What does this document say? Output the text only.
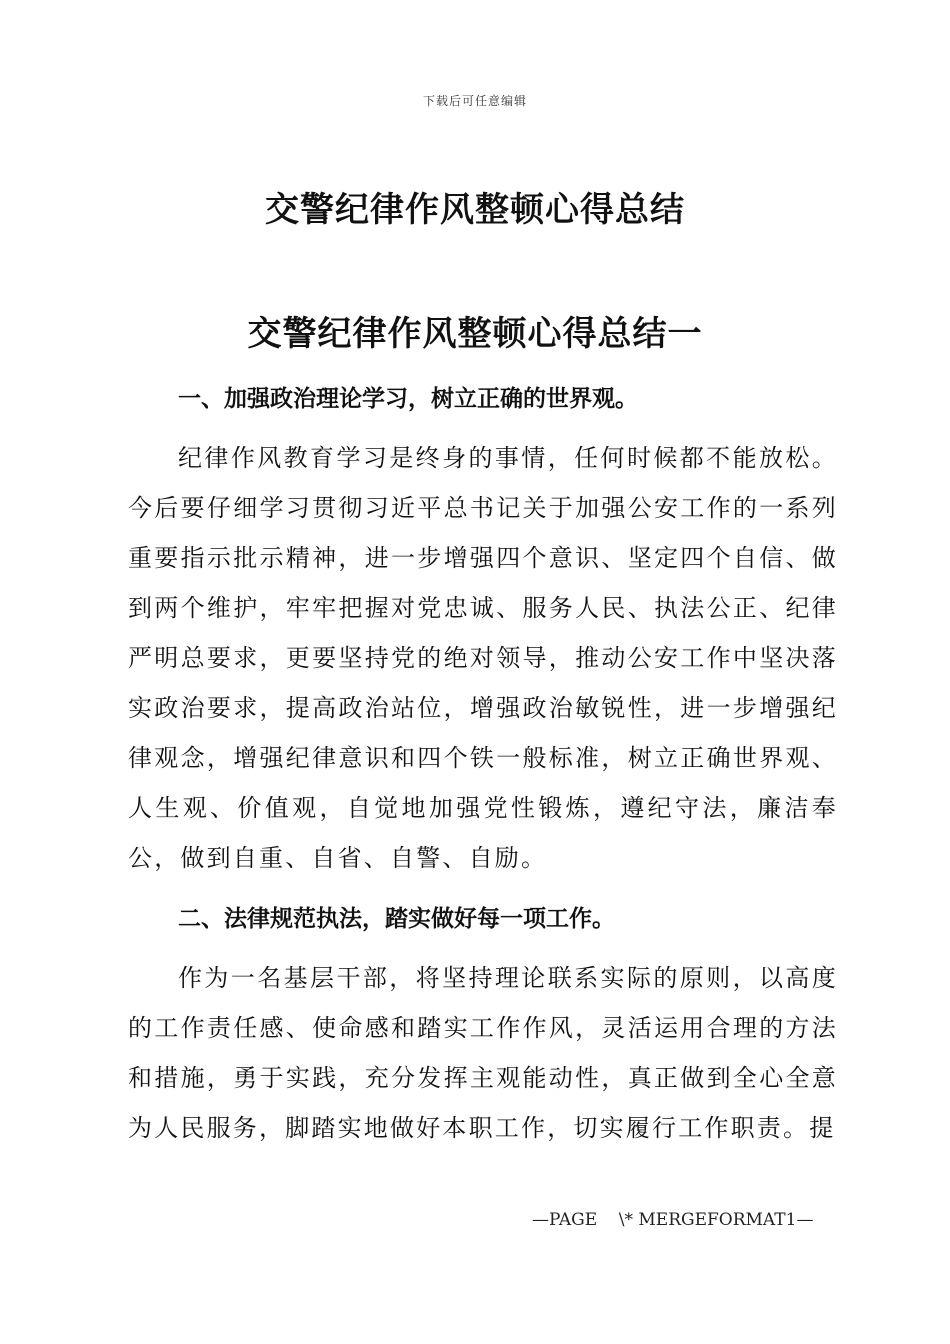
下载后可任意编辑
交警纪律作风整顿心得总结
交警纪律作风整顿心得总结一
一、加强政治理论学习，树立正确的世界观。

纪律作风教育学习是终身的事情，任何时候都不能放松。今后要仔细学习贯彻习近平总书记关于加强公安工作的一系列重要指示批示精神，进一步增强四个意识、坚定四个自信、做到两个维护，牢牢把握对党忠诚、服务人民、执法公正、纪律严明总要求，更要坚持党的绝对领导，推动公安工作中坚决落实政治要求，提高政治站位，增强政治敏锐性，进一步增强纪律观念，增强纪律意识和四个铁一般标准，树立正确世界观、人生观、价值观，自觉地加强党性锻炼，遵纪守法，廉洁奉公，做到自重、自省、自警、自励。

二、法律规范执法，踏实做好每一项工作。

作为一名基层干部，将坚持理论联系实际的原则，以高度的工作责任感、使命感和踏实工作作风，灵活运用合理的方法和措施，勇于实践，充分发挥主观能动性，真正做到全心全意为人民服务，脚踏实地做好本职工作，切实履行工作职责。提

—PAGE    \* MERGEFORMAT1—
